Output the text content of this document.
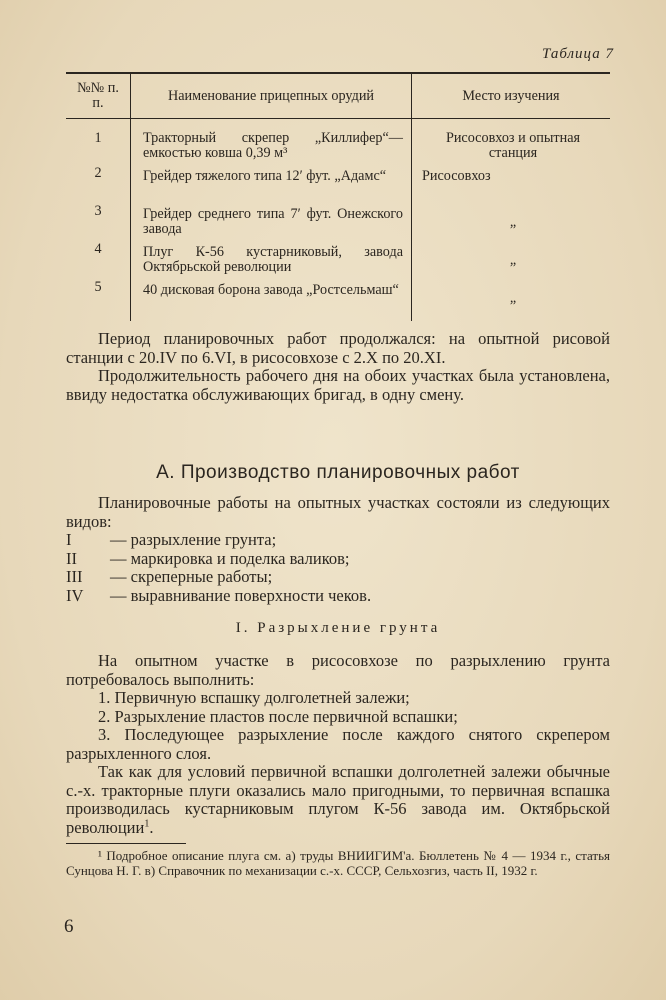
Таблица 7
№№ п. п.	Наименование прицепных орудий	Место изучения
1	Тракторный скрепер „Киллифер“— емкостью ковша 0,39 м³	Рисосовхоз и опытная станция
2	Грейдер тяжелого типа 12′ фут. „Адамс“	Рисосовхоз
3	Грейдер среднего типа 7′ фут. Онежского завода	„
4	Плуг К-56 кустарниковый, завода Октябрьской революции	„
5	40 дисковая борона завода „Ростсельмаш“	„

Период планировочных работ продолжался: на опытной рисовой станции с 20.IV по 6.VI, в рисосовхозе с 2.X по 20.XI.

Продолжительность рабочего дня на обоих участках была установлена, ввиду недостатка обслуживающих бригад, в одну смену.

А. Производство планировочных работ

Планировочные работы на опытных участках состояли из следующих видов:

I	— разрыхление грунта;
II	— маркировка и поделка валиков;
III	— скреперные работы;
IV	— выравнивание поверхности чеков.
I. Разрыхление грунта

На опытном участке в рисосовхозе по разрыхлению грунта потребовалось выполнить:

1. Первичную вспашку долголетней залежи;

2. Разрыхление пластов после первичной вспашки;

3. Последующее разрыхление после каждого снятого скрепером разрыхленного слоя.

Так как для условий первичной вспашки долголетней залежи обычные с.-х. тракторные плуги оказались мало пригодными, то первичная вспашка производилась кустарниковым плугом К-56 завода им. Октябрьской революции$^1$.

¹ Подробное описание плуга см. а) труды ВНИИГИМ'а. Бюллетень № 4 — 1934 г., статья Сунцова Н. Г. в) Справочник по механизации с.-х. СССР, Сельхозгиз, часть II, 1932 г.

6
